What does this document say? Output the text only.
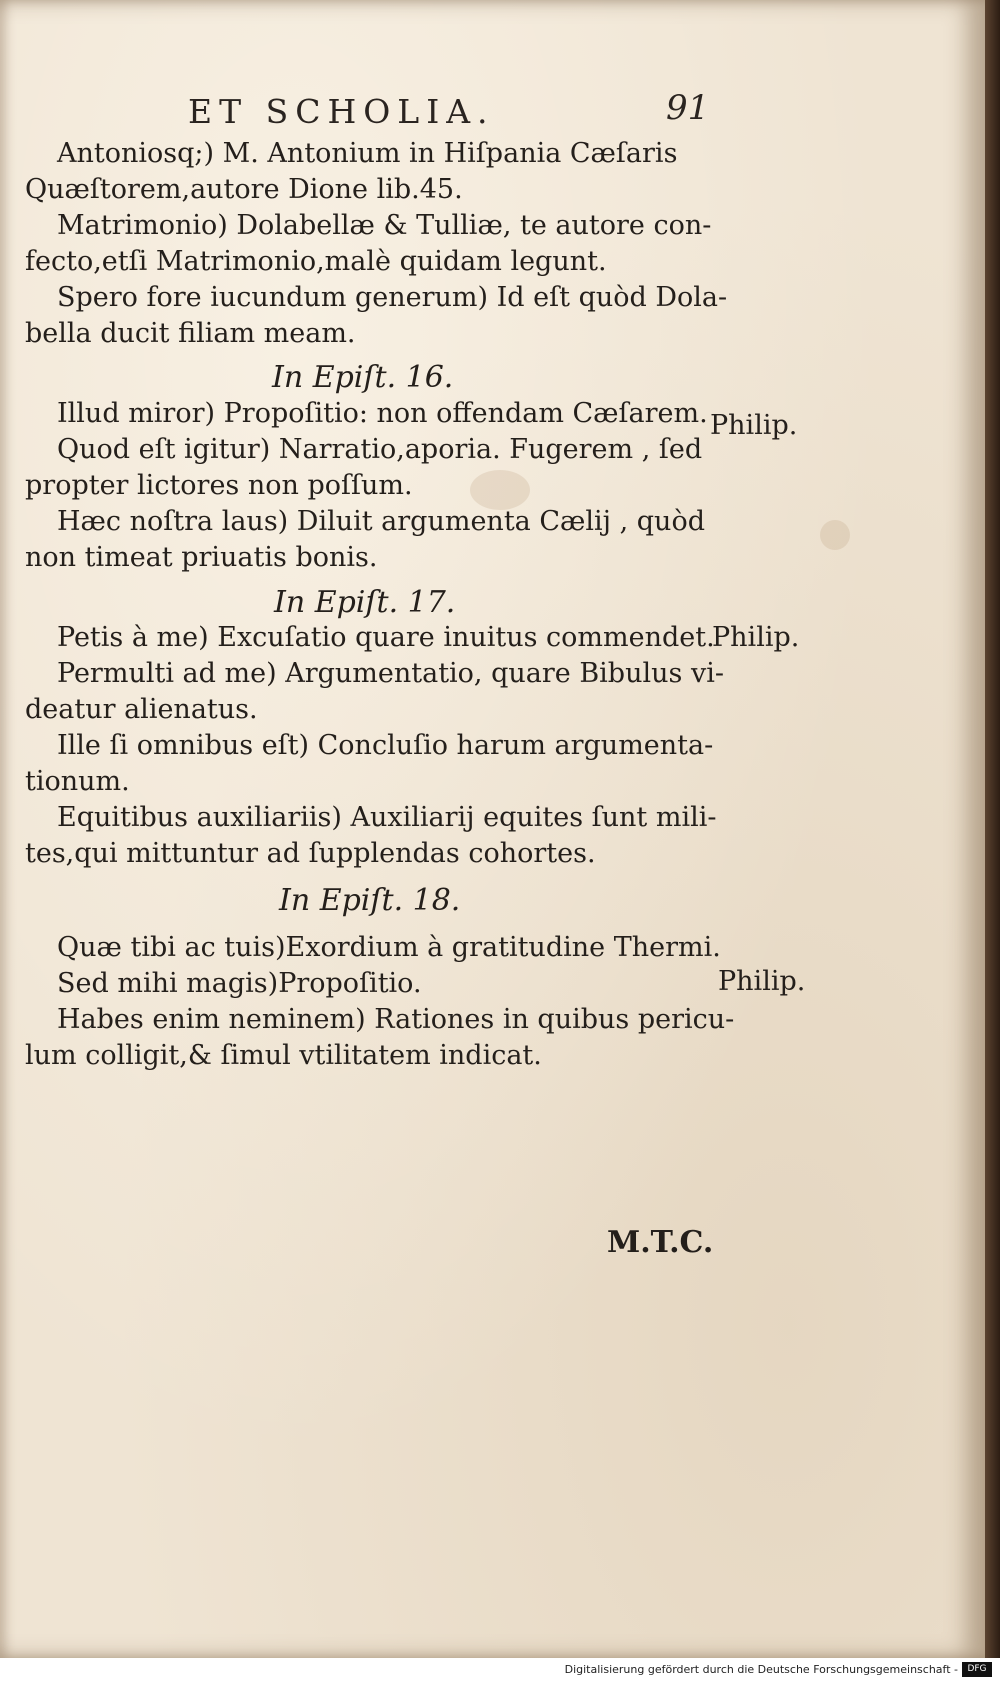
ET SCHOLIA.	91
Antoniosq;) M. Antonium in Hiſpania Cæſaris
Quæſtorem,autore Dione lib.45.
Matrimonio) Dolabellæ & Tulliæ, te autore con-
fecto,etſi Matrimonio,malè quidam legunt.
Spero fore iucundum generum) Id eſt quòd Dola-
bella ducit filiam meam.
In Epiſt. 16.
Illud miror) Propoſitio: non offendam Cæſarem.
Quod eſt igitur) Narratio,aporia. Fugerem , ſed
propter lictores non poſſum.
Hæc noſtra laus) Diluit argumenta Cælij , quòd
non timeat priuatis bonis.
Philip.
In Epiſt. 17.
Petis à me) Excuſatio quare inuitus commendet.
Permulti ad me) Argumentatio, quare Bibulus vi-
deatur alienatus.
Ille ſi omnibus eſt) Concluſio harum argumenta-
tionum.
Equitibus auxiliariis) Auxiliarij equites ſunt mili-
tes,qui mittuntur ad ſupplendas cohortes.
Philip.
In Epiſt. 18.
Quæ tibi ac tuis)Exordium à gratitudine Thermi.
Sed mihi magis)Propoſitio.
Habes enim neminem) Rationes in quibus pericu-
lum colligit,& ſimul vtilitatem indicat.
Philip.
M.T.C.
Digitalisierung gefördert durch die Deutsche Forschungsgemeinschaft -	DFG
